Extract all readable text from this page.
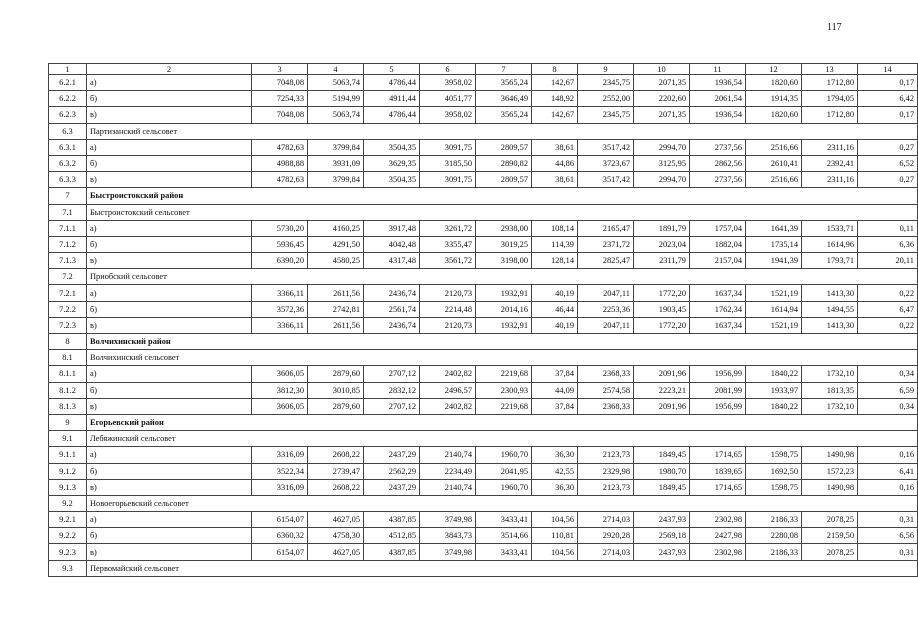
117
1	2	3	4	5	6	7	8	9	10	11	12	13	14
6.2.1	а)	7048,08	5063,74	4786,44	3958,02	3565,24	142,67	2345,75	2071,35	1936,54	1820,60	1712,80	0,17
6.2.2	б)	7254,33	5194,99	4911,44	4051,77	3646,49	148,92	2552,00	2202,60	2061,54	1914,35	1794,05	6,42
6.2.3	в)	7048,08	5063,74	4786,44	3958,02	3565,24	142,67	2345,75	2071,35	1936,54	1820,60	1712,80	0,17
6.3	Партизанский сельсовет												
6.3.1	а)	4782,63	3799,84	3504,35	3091,75	2809,57	38,61	3517,42	2994,70	2737,56	2516,66	2311,16	0,27
6.3.2	б)	4988,88	3931,09	3629,35	3185,50	2890,82	44,86	3723,67	3125,95	2862,56	2610,41	2392,41	6,52
6.3.3	в)	4782,63	3799,84	3504,35	3091,75	2809,57	38,61	3517,42	2994,70	2737,56	2516,66	2311,16	0,27
7	Быстроистокский район												
7.1	Быстроистокский сельсовет												
7.1.1	а)	5730,20	4160,25	3917,48	3261,72	2938,00	108,14	2165,47	1891,79	1757,04	1641,39	1533,71	0,11
7.1.2	б)	5936,45	4291,50	4042,48	3355,47	3019,25	114,39	2371,72	2023,04	1882,04	1735,14	1614,96	6,36
7.1.3	в)	6390,20	4580,25	4317,48	3561,72	3198,00	128,14	2825,47	2311,79	2157,04	1941,39	1793,71	20,11
7.2	Приобский сельсовет												
7.2.1	а)	3366,11	2611,56	2436,74	2120,73	1932,91	40,19	2047,11	1772,20	1637,34	1521,19	1413,30	0,22
7.2.2	б)	3572,36	2742,81	2561,74	2214,48	2014,16	46,44	2253,36	1903,45	1762,34	1614,94	1494,55	6,47
7.2.3	в)	3366,11	2611,56	2436,74	2120,73	1932,91	40,19	2047,11	1772,20	1637,34	1521,19	1413,30	0,22
8	Волчихинский район												
8.1	Волчихинский сельсовет												
8.1.1	а)	3606,05	2879,60	2707,12	2402,82	2219,68	37,84	2368,33	2091,96	1956,99	1840,22	1732,10	0,34
8.1.2	б)	3812,30	3010,85	2832,12	2496,57	2300,93	44,09	2574,58	2223,21	2081,99	1933,97	1813,35	6,59
8.1.3	в)	3606,05	2879,60	2707,12	2402,82	2219,68	37,84	2368,33	2091,96	1956,99	1840,22	1732,10	0,34
9	Егорьевский район												
9.1	Лебяжинский сельсовет												
9.1.1	а)	3316,09	2608,22	2437,29	2140,74	1960,70	36,30	2123,73	1849,45	1714,65	1598,75	1490,98	0,16
9.1.2	б)	3522,34	2739,47	2562,29	2234,49	2041,95	42,55	2329,98	1980,70	1839,65	1692,50	1572,23	6,41
9.1.3	в)	3316,09	2608,22	2437,29	2140,74	1960,70	36,30	2123,73	1849,45	1714,65	1598,75	1490,98	0,16
9.2	Новоегорьевский сельсовет												
9.2.1	а)	6154,07	4627,05	4387,85	3749,98	3433,41	104,56	2714,03	2437,93	2302,98	2186,33	2078,25	0,31
9.2.2	б)	6360,32	4758,30	4512,85	3843,73	3514,66	110,81	2920,28	2569,18	2427,98	2280,08	2159,50	6,56
9.2.3	в)	6154,07	4627,05	4387,85	3749,98	3433,41	104,56	2714,03	2437,93	2302,98	2186,33	2078,25	0,31
9.3	Первомайский сельсовет												
